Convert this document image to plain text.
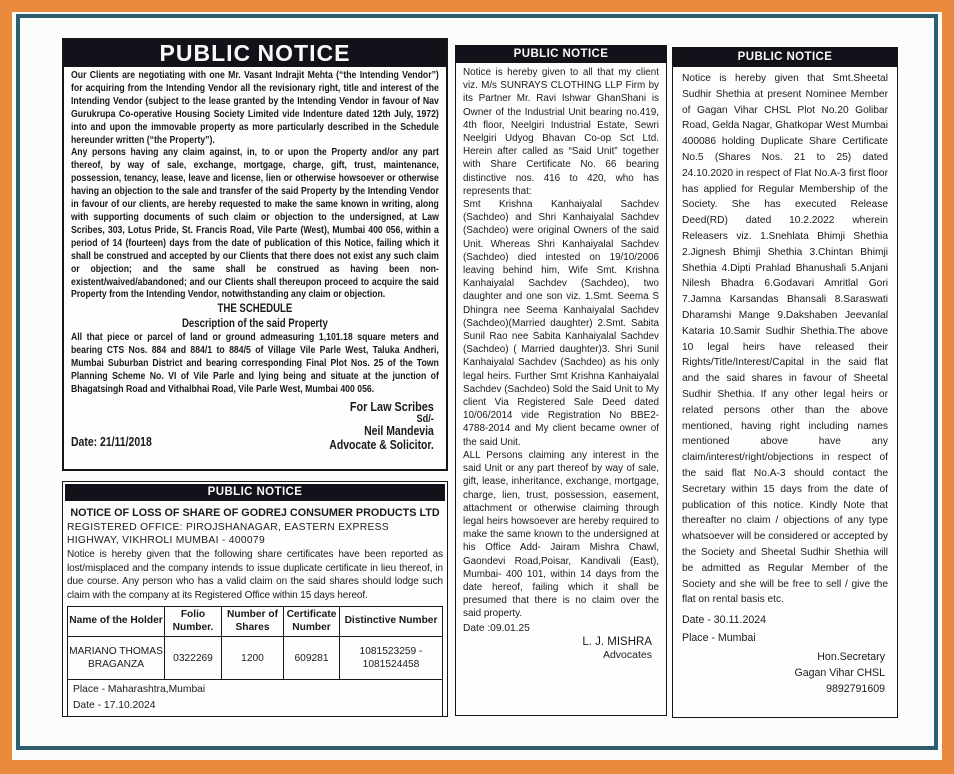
PUBLIC NOTICE

Our Clients are negotiating with one Mr. Vasant Indrajit Mehta (“the Intending Vendor”) for acquiring from the Intending Vendor all the revisionary right, title and interest of the Intending Vendor (subject to the lease granted by the Intending Vendor in favour of Nav Gurukrupa Co-operative Housing Society Limited vide Indenture dated 12th July, 1972) into and upon the immovable property as more particularly described in the Schedule hereunder written (“the Property”).

Any persons having any claim against, in, to or upon the Property and/or any part thereof, by way of sale, exchange, mortgage, charge, gift, trust, maintenance, possession, tenancy, lease, leave and license, lien or otherwise howsoever or otherwise having an objection to the sale and transfer of the said Property by the Intending Vendor in favour of our clients, are hereby requested to make the same known in writing, along with supporting documents of such claim or objection to the undersigned, at Law Scribes, 303, Lotus Pride, St. Francis Road, Vile Parte (West), Mumbai 400 056, within a period of 14 (fourteen) days from the date of publication of this Notice, failing which it shall be construed and accepted by our Clients that there does not exist any such claim or objection; and the same shall be construed as having been non-existent/waived/abandoned; and our Clients shall thereupon proceed to acquire the said Property from the Intending Vendor, notwithstanding any claim or objection.

THE SCHEDULE
Description of the said Property

All that piece or parcel of land or ground admeasuring 1,101.18 square meters and bearing CTS Nos. 884 and 884/1 to 884/5 of Village Vile Parle West, Taluka Andheri, Mumbai Suburban District and bearing corresponding Final Plot Nos. 25 of the Town Planning Scheme No. VI of Vile Parle and lying being and situate at the junction of Bhagatsingh Road and Vithalbhai Road, Vile Parle West, Mumbai 400 056.

Date: 21/11/2018
For Law Scribes
Sd/-
Neil Mandevia
Advocate & Solicitor.
PUBLIC NOTICE
NOTICE OF LOSS OF SHARE OF GODREJ CONSUMER PRODUCTS LTD
REGISTERED OFFICE: PIROJSHANAGAR, EASTERN EXPRESS HIGHWAY, VIKHROLI MUMBAI - 400079
Notice is hereby given that the following share certificates have been reported as lost/misplaced and the company intends to issue duplicate certificate in lieu thereof, in due course. Any person who has a valid claim on the said shares should lodge such claim with the company at its Registered Office within 15 days hereof.
Name of the Holder	Folio Number.	Number of Shares	Certificate Number	Distinctive Number
MARIANO THOMAS BRAGANZA	0322269	1200	609281	1081523259 - 1081524458
Place - Maharashtra,Mumbai
Date - 17.10.2024
PUBLIC NOTICE

Notice is hereby given to all that my client viz. M/s SUNRAYS CLOTHING LLP Firm by its Partner Mr. Ravi Ishwar GhanShani is Owner of the Industrial Unit bearing no.419, 4th floor, Neelgiri Industrial Estate, Sewri Neelgiri Udyog Bhavan Co-op Sct Ltd. Herein after called as “Said Unit” together with Share Certificate No. 66 bearing distinctive nos. 416 to 420, who has represents that:

Smt Krishna Kanhaiyalal Sachdev (Sachdeo) and Shri Kanhaiyalal Sachdev (Sachdeo) were original Owners of the said Unit. Whereas Shri Kanhaiyalal Sachdev (Sachdeo) died intested on 19/10/2006 leaving behind him, Wife Smt. Krishna Kanhaiyalal Sachdev (Sachdeo), two daughter and one son viz. 1.Smt. Seema S Dhingra nee Seema Kanhaiyalal Sachdev (Sachdeo)(Married daughter) 2.Smt. Sabita Sunil Rao nee Sabita Kanhaiyalal Sachdev (Sachdeo) ( Married daughter)3. Shri Sunil Kanhaiyalal Sachdev (Sachdeo) as his only legal heirs. Further Smt Krishna Kanhaiyalal Sachdev (Sachdeo) Sold the Said Unit to My client Via Registered Sale Deed dated 10/06/2014 vide Registration No BBE2-4788-2014 and My client became owner of the said Unit.

ALL Persons claiming any interest in the said Unit or any part thereof by way of sale, gift, lease, inheritance, exchange, mortgage, charge, lien, trust, possession, easement, attachment or otherwise claiming through legal heirs howsoever are hereby required to make the same known to the undersigned at his Office Add- Jairam Mishra Chawl, Gaondevi Road,Poisar, Kandivali (East), Mumbai- 400 101, within 14 days from the date hereof, failing which it shall be presumed that there is no claim over the said property.

Date :09.01.25
L. J. MISHRA
Advocates
PUBLIC NOTICE

Notice is hereby given that Smt.Sheetal Sudhir Shethia at present Nominee Member of Gagan Vihar CHSL Plot No.20 Golibar Road, Gelda Nagar, Ghatkopar West Mumbai 400086 holding Duplicate Share Certificate No.5 (Shares Nos. 21 to 25) dated 24.10.2020 in respect of Flat No.A-3 first floor has applied for Regular Membership of the Society. She has executed Release Deed(RD) dated 10.2.2022 wherein Releasers viz. 1.Snehlata Bhimji Shethia 2.Jignesh Bhimji Shethia 3.Chintan Bhimji Shethia 4.Dipti Prahlad Bhanushali 5.Anjani Nilesh Bhadra 6.Godavari Amritlal Gori 7.Jamna Karsandas Bhansali 8.Saraswati Dharamshi Mange 9.Dakshaben Jeevanlal Kataria 10.Samir Sudhir Shethia.The above 10 legal heirs have released their Rights/Title/Interest/Capital in the said flat and the said shares in favour of Sheetal Sudhir Shethia. If any other legal heirs or related persons other than the above mentioned, having right including names mentioned above have any claim/interest/right/objections in respect of the said flat No.A-3 should contact the Secretary within 15 days from the date of publication of this notice. Kindly Note that thereafter no claim / objections of any type whatsoever will be considered or accepted by the Society and Sheetal Sudhir Shethia will be admitted as Regular Member of the Society and she will be free to sell / give the flat on rental basis etc.

Date - 30.11.2024
Place - Mumbai
Hon.Secretary
Gagan Vihar CHSL
9892791609
